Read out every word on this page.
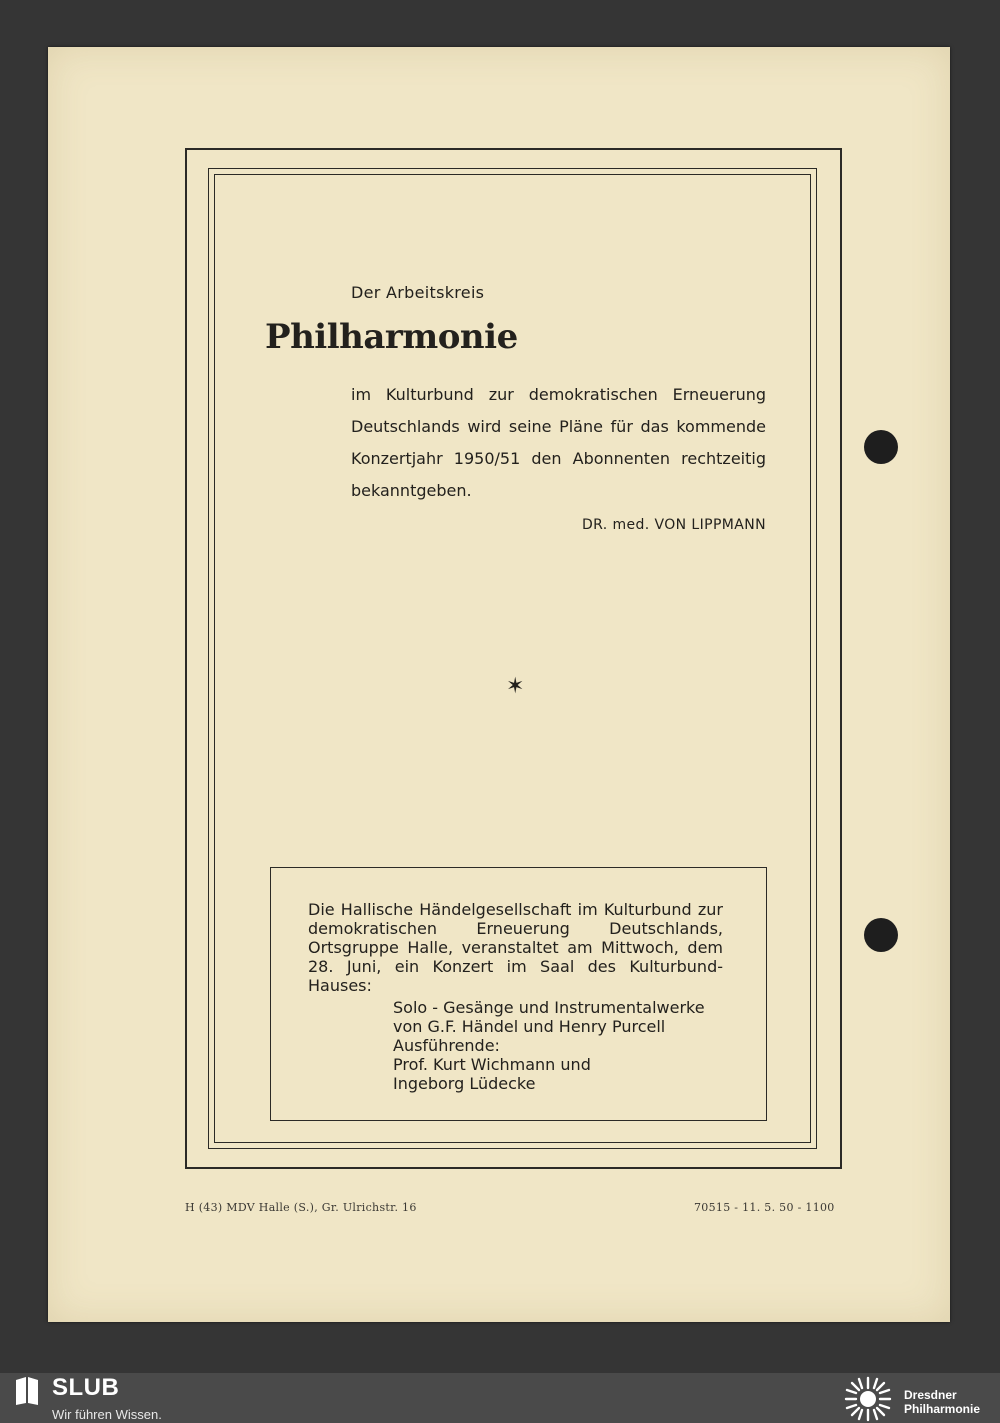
Der Arbeitskreis

Philharmonie

im Kulturbund zur demokratischen Erneuerung Deutschlands wird seine Pläne für das kommende Konzertjahr 1950/51 den Abonnenten rechtzeitig bekanntgeben.

DR. med. VON LIPPMANN

✶

Die Hallische Händelgesellschaft im Kulturbund zur demokratischen Erneuerung Deutschlands, Ortsgruppe Halle, veranstaltet am Mittwoch, dem 28. Juni, ein Konzert im Saal des Kulturbund-Hauses:

Solo - Gesänge und Instrumentalwerke
von G.F. Händel und Henry Purcell
Ausführende:
Prof. Kurt Wichmann und
Ingeborg Lüdecke

H (43) MDV Halle (S.), Gr. Ulrichstr. 16	70515 - 11. 5. 50 - 1100

SLUB
Wir führen Wissen.
Dresdner
Philharmonie
